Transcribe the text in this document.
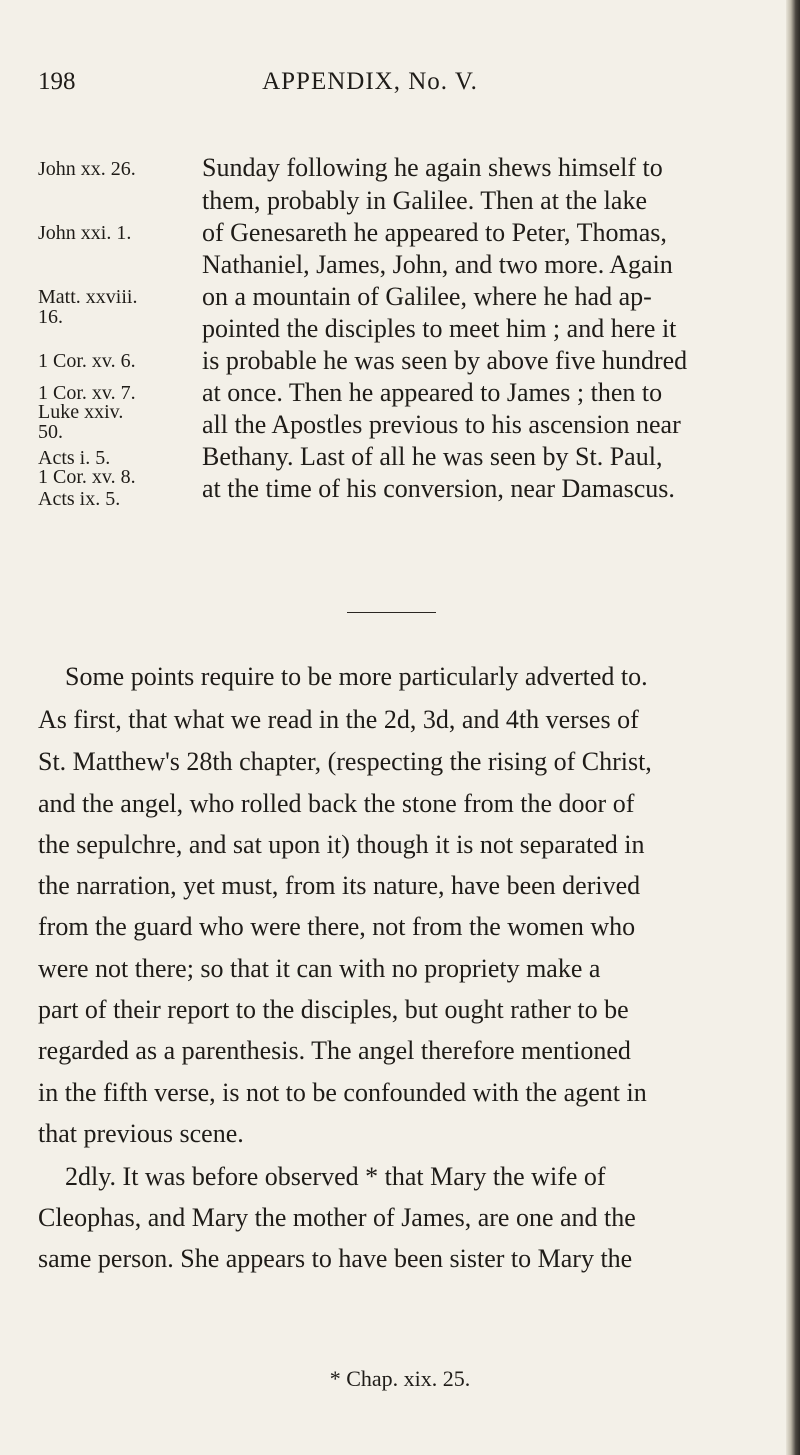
198	APPENDIX, No. V.
John xx. 26.
John xxi. 1.
Matt. xxviii.
16.
1 Cor. xv. 6.
1 Cor. xv. 7.
Luke xxiv.
50.
Acts i. 5.
1 Cor. xv. 8.
Acts ix. 5.
Sunday following he again shews himself to
them, probably in Galilee. Then at the lake
of Genesareth he appeared to Peter, Thomas,
Nathaniel, James, John, and two more. Again
on a mountain of Galilee, where he had ap-
pointed the disciples to meet him ; and here it
is probable he was seen by above five hundred
at once. Then he appeared to James ; then to
all the Apostles previous to his ascension near
Bethany. Last of all he was seen by St. Paul,
at the time of his conversion, near Damascus.
Some points require to be more particularly adverted to.
As first, that what we read in the 2d, 3d, and 4th verses of
St. Matthew's 28th chapter, (respecting the rising of Christ,
and the angel, who rolled back the stone from the door of
the sepulchre, and sat upon it) though it is not separated in
the narration, yet must, from its nature, have been derived
from the guard who were there, not from the women who
were not there; so that it can with no propriety make a
part of their report to the disciples, but ought rather to be
regarded as a parenthesis. The angel therefore mentioned
in the fifth verse, is not to be confounded with the agent in
that previous scene.
2dly. It was before observed * that Mary the wife of
Cleophas, and Mary the mother of James, are one and the
same person. She appears to have been sister to Mary the
* Chap. xix. 25.
